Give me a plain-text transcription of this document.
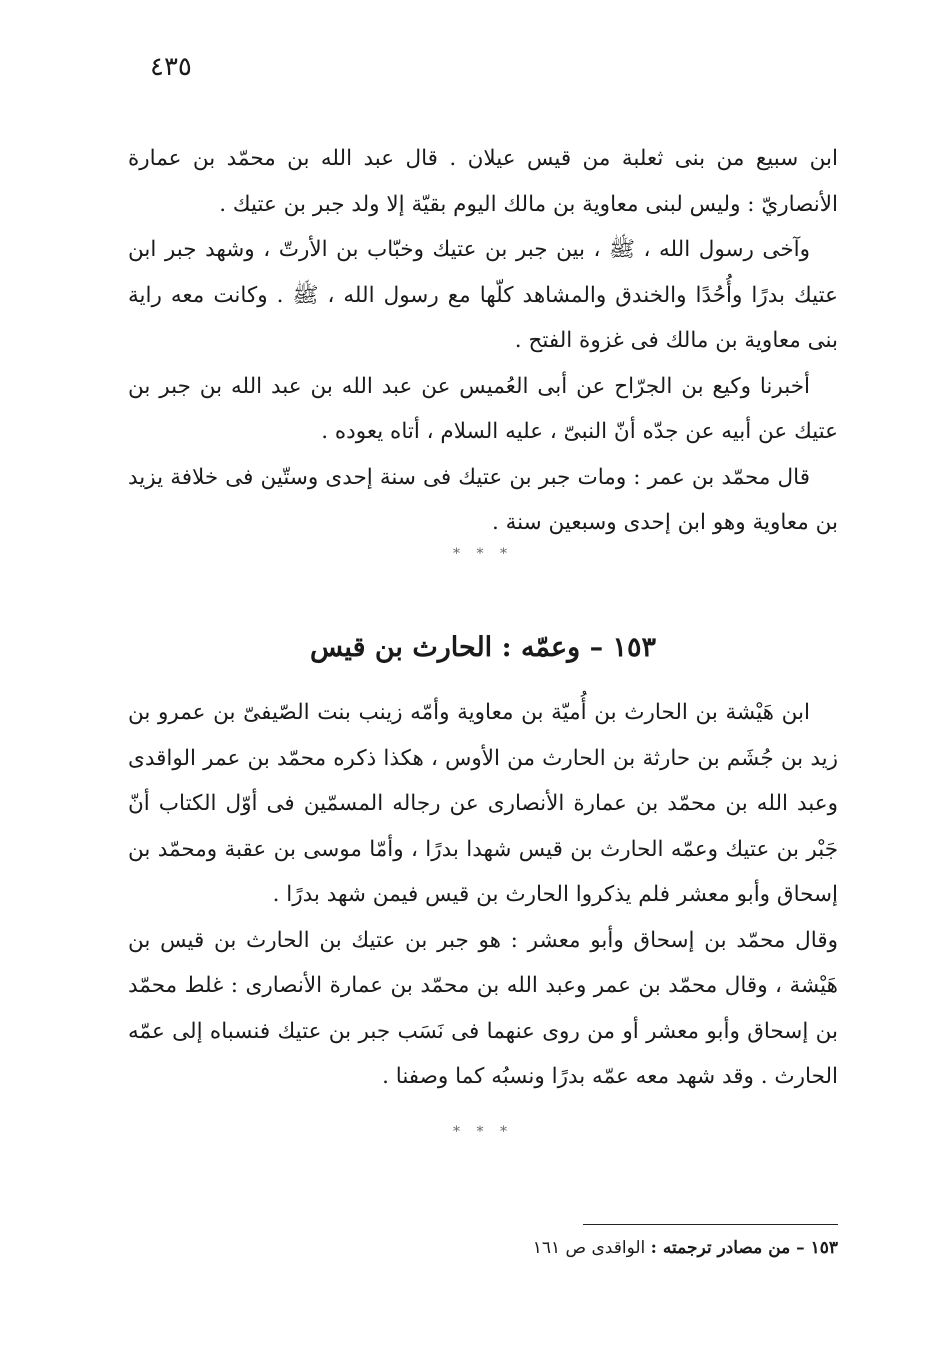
٤٣٥

ابن سبيع من بنى ثعلبة من قيس عيلان . قال عبد الله بن محمّد بن عمارة الأنصاريّ : وليس لبنى معاوية بن مالك اليوم بقيّة إلا ولد جبر بن عتيك .

وآخى رسول الله ، ﷺ ، بين جبر بن عتيك وخبّاب بن الأرتّ ، وشهد جبر ابن عتيك بدرًا وأُحُدًا والخندق والمشاهد كلّها مع رسول الله ، ﷺ . وكانت معه راية بنى معاوية بن مالك فى غزوة الفتح .

أخبرنا وكيع بن الجرّاح عن أبى العُميس عن عبد الله بن عبد الله بن جبر بن عتيك عن أبيه عن جدّه أنّ النبىّ ، عليه السلام ، أتاه يعوده .

قال محمّد بن عمر : ومات جبر بن عتيك فى سنة إحدى وستّين فى خلافة يزيد بن معاوية وهو ابن إحدى وسبعين سنة .

* * *
١٥٣ – وعمّه : الحارث بن قيس

ابن هَيْشة بن الحارث بن أُميّة بن معاوية وأمّه زينب بنت الصّيفىّ بن عمرو بن زيد بن جُشَم بن حارثة بن الحارث من الأوس ، هكذا ذكره محمّد بن عمر الواقدى وعبد الله بن محمّد بن عمارة الأنصارى عن رجاله المسمّين فى أوّل الكتاب أنّ جَبْر بن عتيك وعمّه الحارث بن قيس شهدا بدرًا ، وأمّا موسى بن عقبة ومحمّد بن إسحاق وأبو معشر فلم يذكروا الحارث بن قيس فيمن شهد بدرًا .

وقال محمّد بن إسحاق وأبو معشر : هو جبر بن عتيك بن الحارث بن قيس بن هَيْشة ، وقال محمّد بن عمر وعبد الله بن محمّد بن عمارة الأنصارى : غلط محمّد بن إسحاق وأبو معشر أو من روى عنهما فى نَسَب جبر بن عتيك فنسباه إلى عمّه الحارث . وقد شهد معه عمّه بدرًا ونسبُه كما وصفنا .

* * *
١٥٣ – من مصادر ترجمته : الواقدى ص ١٦١
